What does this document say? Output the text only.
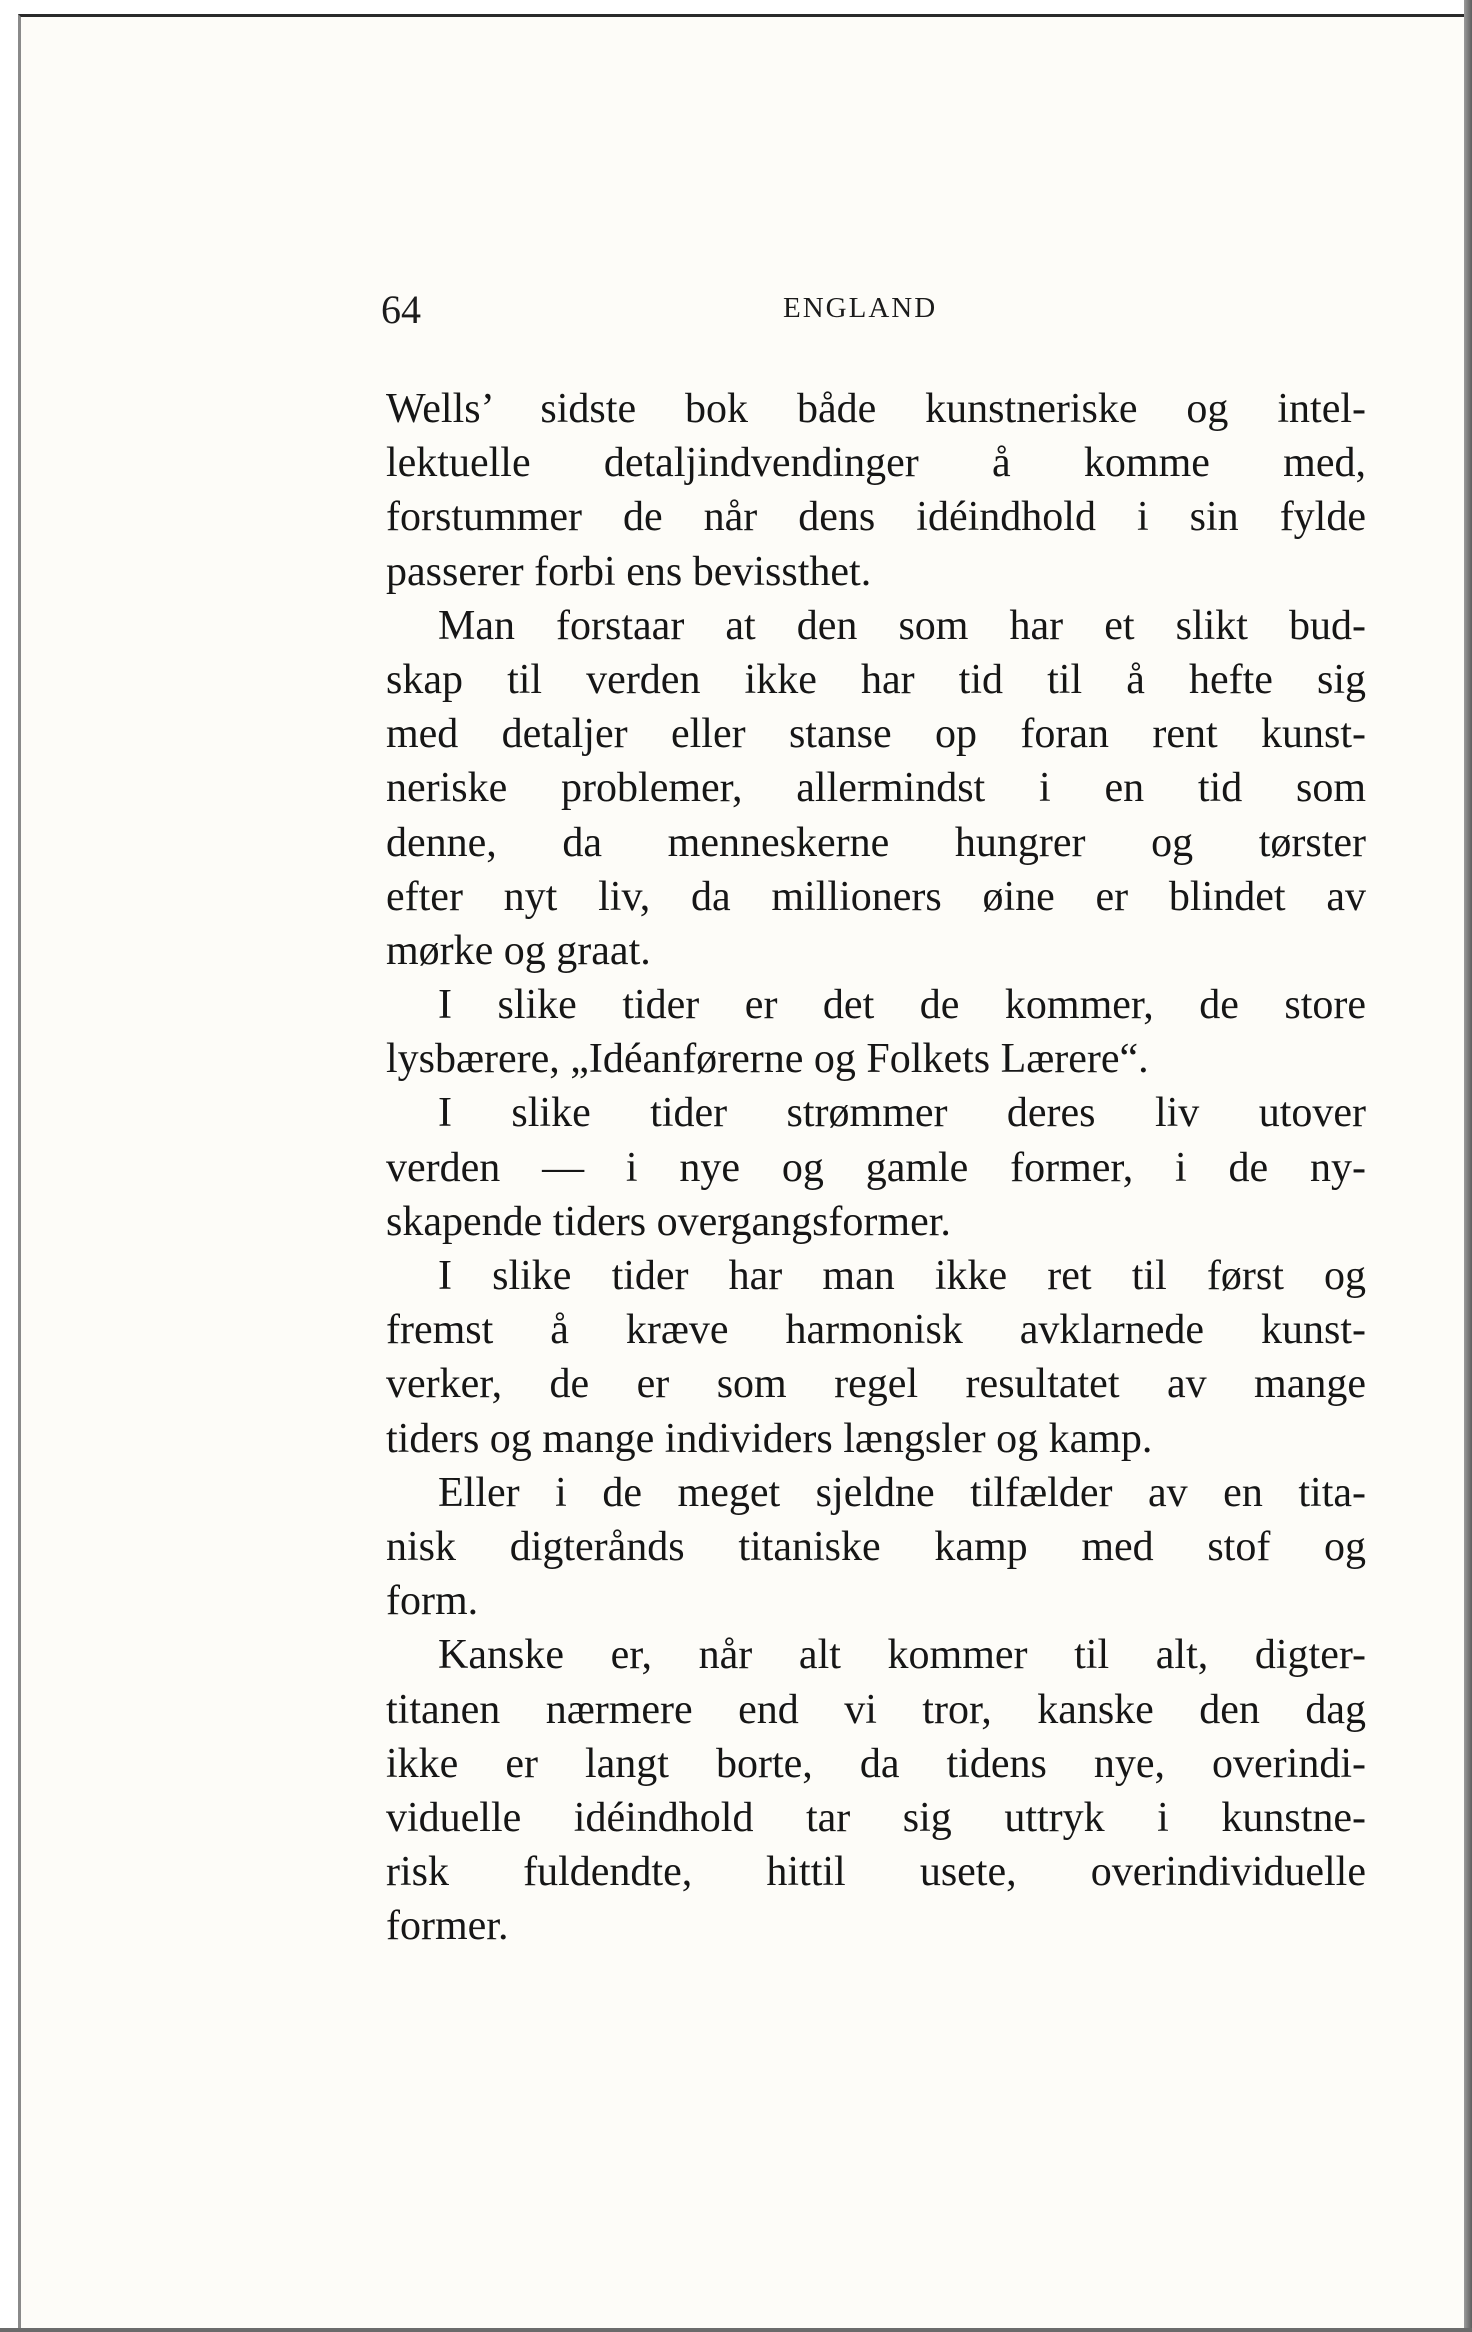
64	ENGLAND
Wells’ sidste bok både kunstneriske og intel-
lektuelle detaljindvendinger å komme med,
forstummer de når dens idéindhold i sin fylde
passerer forbi ens bevissthet.
Man forstaar at den som har et slikt bud-
skap til verden ikke har tid til å hefte sig
med detaljer eller stanse op foran rent kunst-
neriske problemer, allermindst i en tid som
denne, da menneskerne hungrer og tørster
efter nyt liv, da millioners øine er blindet av
mørke og graat.
I slike tider er det de kommer, de store
lysbærere, „Idéanførerne og Folkets Lærere“.
I slike tider strømmer deres liv utover
verden — i nye og gamle former, i de ny-
skapende tiders overgangsformer.
I slike tider har man ikke ret til først og
fremst å kræve harmonisk avklarnede kunst-
verker, de er som regel resultatet av mange
tiders og mange individers længsler og kamp.
Eller i de meget sjeldne tilfælder av en tita-
nisk digterånds titaniske kamp med stof og
form.
Kanske er, når alt kommer til alt, digter-
titanen nærmere end vi tror, kanske den dag
ikke er langt borte, da tidens nye, overindi-
viduelle idéindhold tar sig uttryk i kunstne-
risk fuldendte, hittil usete, overindividuelle
former.
